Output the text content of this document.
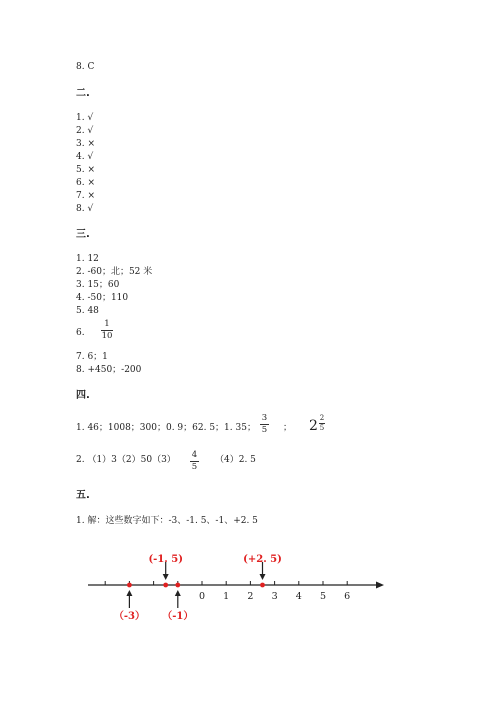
8. C
二.
1. √
2. √
3. ×
4. √
5. ×
6. ×
7. ×
8. √
三.
1. 12
2. -60；北；52 米
3. 15；60
4. -50；110
5. 48
6.
1
10
7. 6；1
8. +450；-200
四.
1. 46；1008；300；0. 9；62. 5；1. 35；
3
5 ； $2 \frac{2}{5}$
2. （1）3（2）50（3） 4
5
（4）2. 5
五.
1. 解：这些数字如下：-3、-1. 5、-1、+2. 5
0 1 2 3 4 5 6
（-3）
(-1. 5)
（-1）
(+2. 5)
